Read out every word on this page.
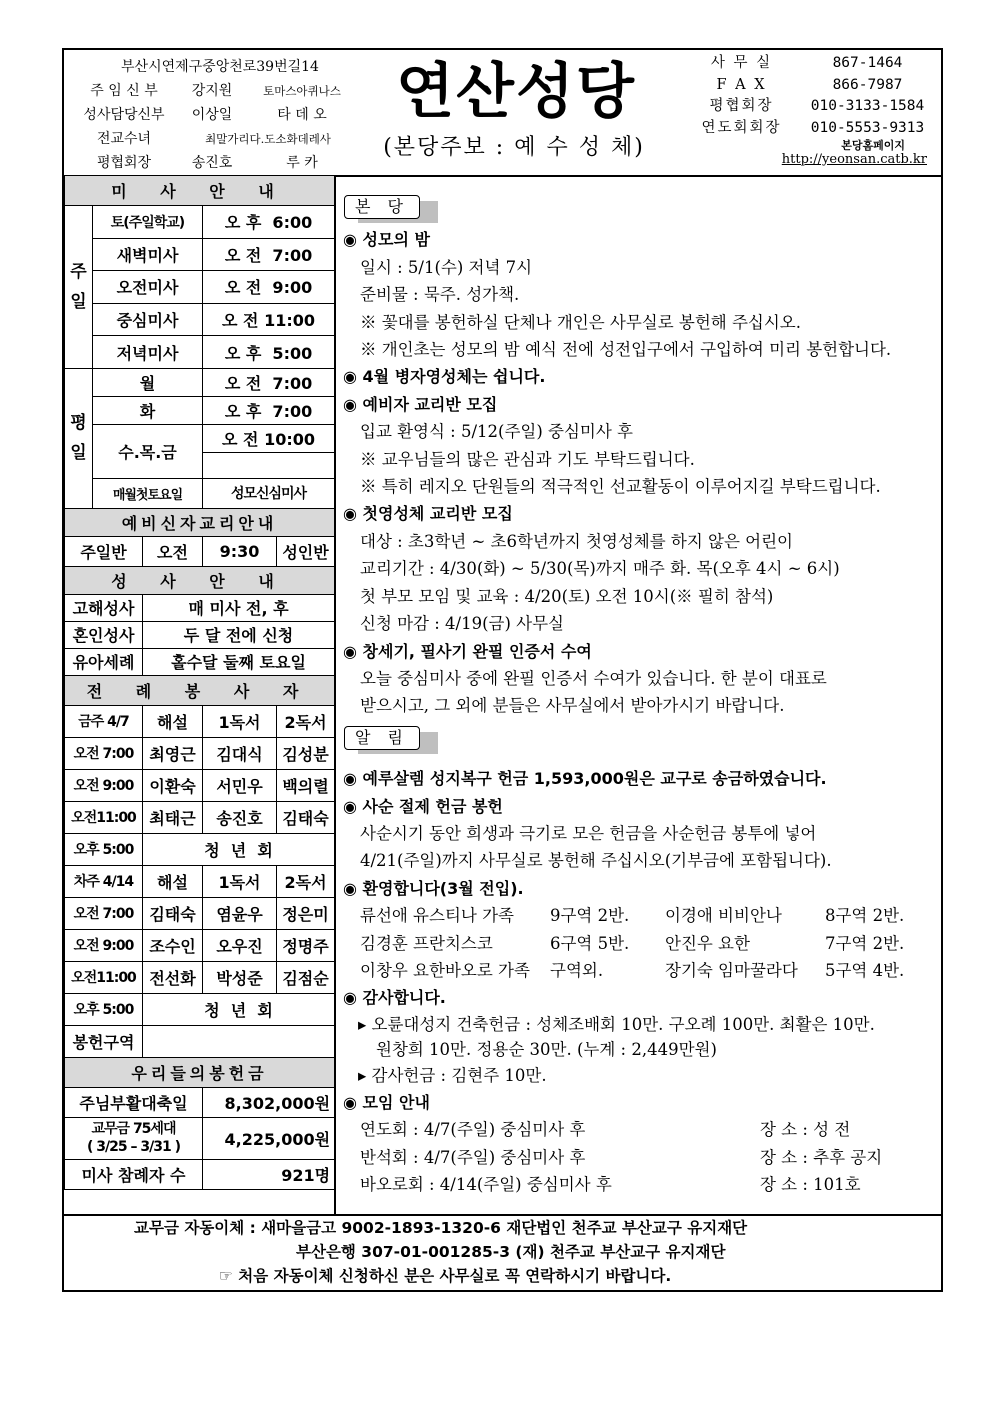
부산시연제구중앙천로39번길14
주 임 신 부	강지원	토마스아퀴나스
성사담당신부	이상일	타 데 오
전교수녀	최말가리다.도소화데레사
평협회장	송진호	루 카
연산성당
(본당주보 : 예 수 성 체)
사 무 실	867-1464
F A X	866-7987
평협회장	010-3133-1584
연도회회장	010-5553-9313
본당홈페이지
http://yeonsan.catb.kr
미 사 안 내				
주일	토(주일학교)		오 후  6:00	
	새벽미사		오 전  7:00	
	오전미사		오 전  9:00	
	중심미사		오 전 11:00	
	저녁미사		오 후  5:00	
평일	월		오 전  7:00	
	화		오 후  7:00	
	수.목.금		오 전 10:00	

	매월첫토요일		성모신심미사	
예비신자교리안내				
주일반		오전	9:30	성인반
성 사 안 내				
고해성사		매 미사 전, 후		
혼인성사		두 달 전에 신청		
유아세례		홀수달 둘째 토요일		
전 례 봉 사 자				
금주 4/7		해설	1독서	2독서
오전 7:00		최영근	김대식	김성분
오전 9:00		이환숙	서민우	백의렬
오전11:00		최태근	송진호	김태숙
오후 5:00		청  년  회		
차주 4/14		해설	1독서	2독서
오전 7:00		김태숙	염윤우	정은미
오전 9:00		조수인	오우진	정명주
오전11:00		전선화	박성준	김점순
오후 5:00		청  년  회		
봉헌구역				
우리들의봉헌금				
주님부활대축일			8,302,000원	

교무금 75세대
( 3/25 – 3/31 )			4,225,000원	
미사 참례자 수			921명	
본 당
◉ 성모의 밤
일시 : 5/1(수) 저녁 7시
준비물 : 묵주. 성가책.
※ 꽃대를 봉헌하실 단체나 개인은 사무실로 봉헌해 주십시오.
※ 개인초는 성모의 밤 예식 전에 성전입구에서 구입하여 미리 봉헌합니다.
◉ 4월 병자영성체는 쉽니다.
◉ 예비자 교리반 모집
입교 환영식 : 5/12(주일) 중심미사 후
※ 교우님들의 많은 관심과 기도 부탁드립니다.
※ 특히 레지오 단원들의 적극적인 선교활동이 이루어지길 부탁드립니다.
◉ 첫영성체 교리반 모집
대상 : 초3학년 ~ 초6학년까지 첫영성체를 하지 않은 어린이
교리기간 : 4/30(화) ~ 5/30(목)까지 매주 화. 목(오후 4시 ~ 6시)
첫 부모 모임 및 교육 : 4/20(토) 오전 10시(※ 필히 참석)
신청 마감 : 4/19(금) 사무실
◉ 창세기, 필사기 완필 인증서 수여
오늘 중심미사 중에 완필 인증서 수여가 있습니다. 한 분이 대표로
받으시고, 그 외에 분들은 사무실에서 받아가시기 바랍니다.
알 림
◉ 예루살렘 성지복구 헌금 1,593,000원은 교구로 송금하였습니다.
◉ 사순 절제 헌금 봉헌
사순시기 동안 희생과 극기로 모은 헌금을 사순헌금 봉투에 넣어
4/21(주일)까지 사무실로 봉헌해 주십시오(기부금에 포함됩니다).
◉ 환영합니다(3월 전입).
류선애 유스티나 가족	9구역 2반.	이경애 비비안나	8구역 2반.
김경훈 프란치스코	6구역 5반.	안진우 요한	7구역 2반.
이창우 요한바오로 가족	구역외.	장기숙 임마꿀라다	5구역 4반.
◉ 감사합니다.
▸ 오륜대성지 건축헌금 : 성체조배회 10만. 구오례 100만. 최활은 10만.
원창희 10만. 정용순 30만. (누계 : 2,449만원)
▸ 감사헌금 : 김현주 10만.
◉ 모임 안내
연도회 : 4/7(주일) 중심미사 후	장 소 : 성 전
반석회 : 4/7(주일) 중심미사 후	장 소 : 추후 공지
바오로회 : 4/14(주일) 중심미사 후	장 소 : 101호
교무금 자동이체 : 새마을금고 9002-1893-1320-6 재단법인 천주교 부산교구 유지재단
부산은행 307-01-001285-3 (재) 천주교 부산교구 유지재단
☞ 처음 자동이체 신청하신 분은 사무실로 꼭 연락하시기 바랍니다.
